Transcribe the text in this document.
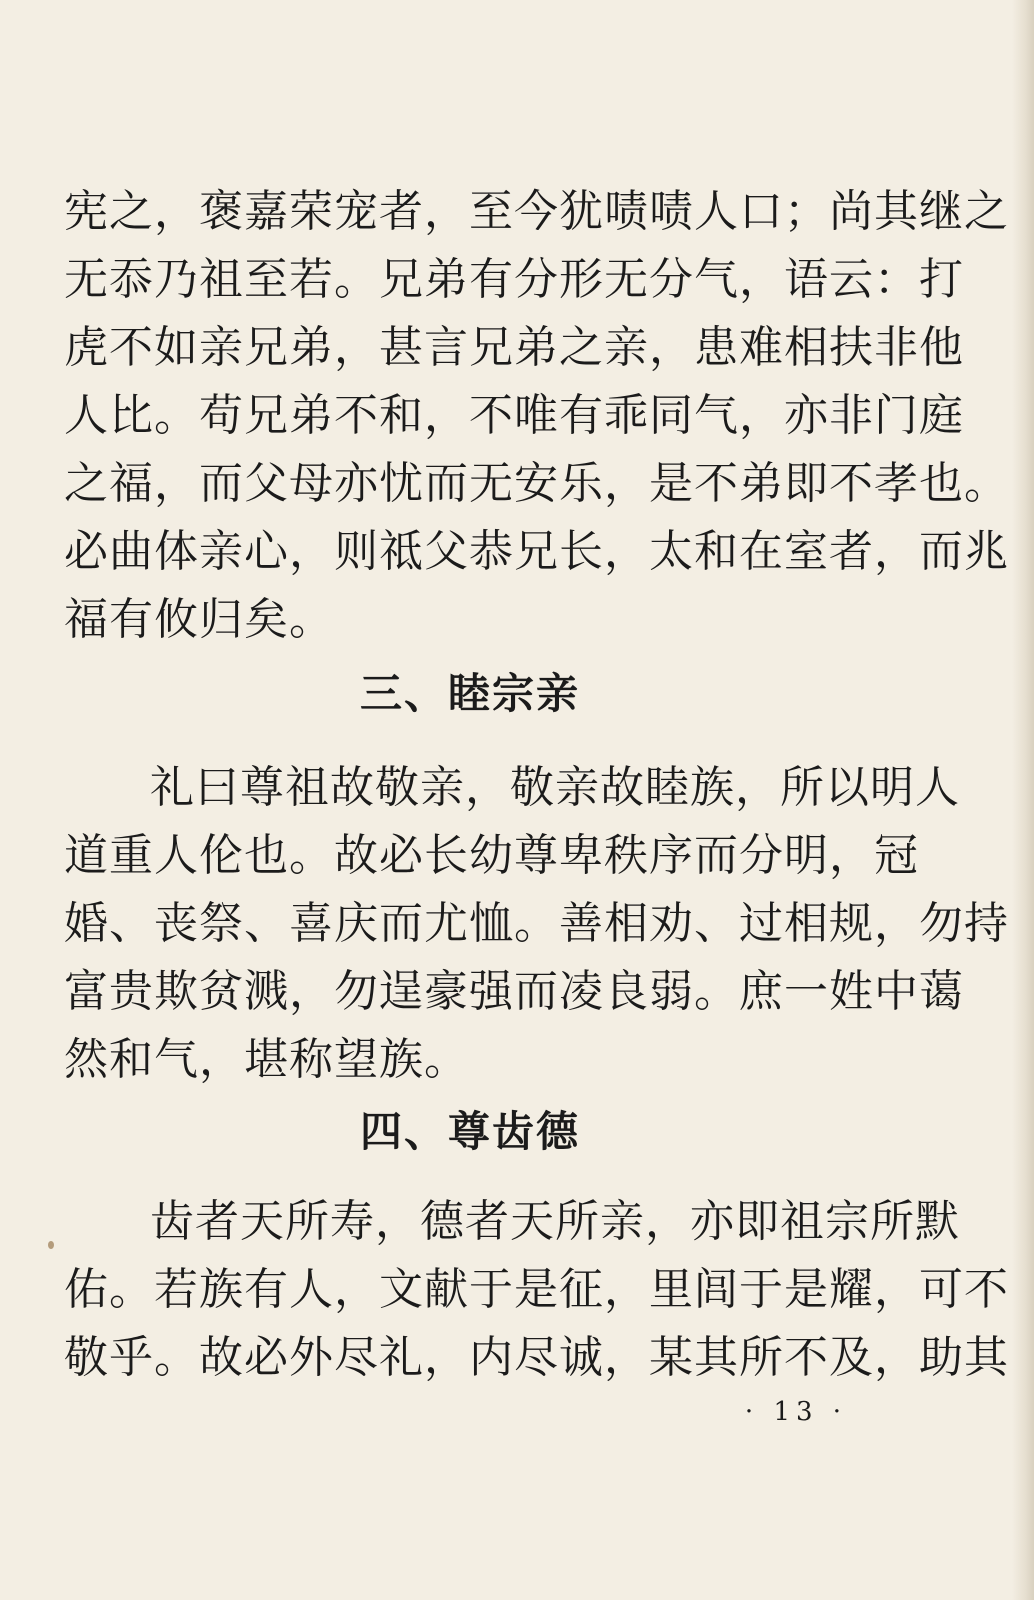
宪之，褒嘉荣宠者，至今犹啧啧人口；尚其继之
无忝乃祖至若。兄弟有分形无分气，语云：打
虎不如亲兄弟，甚言兄弟之亲，患难相扶非他
人比。苟兄弟不和，不唯有乖同气，亦非门庭
之福，而父母亦忧而无安乐，是不弟即不孝也。
必曲体亲心，则祗父恭兄长，太和在室者，而兆
福有攸归矣。
三、睦宗亲
礼曰尊祖故敬亲，敬亲故睦族，所以明人
道重人伦也。故必长幼尊卑秩序而分明，冠
婚、丧祭、喜庆而尤恤。善相劝、过相规，勿持
富贵欺贫溅，勿逞豪强而凌良弱。庶一姓中蔼
然和气，堪称望族。
四、尊齿德
齿者天所寿，德者天所亲，亦即祖宗所默
佑。若族有人，文献于是征，里闾于是耀，可不
敬乎。故必外尽礼，内尽诚，某其所不及，助其
· 13 ·
